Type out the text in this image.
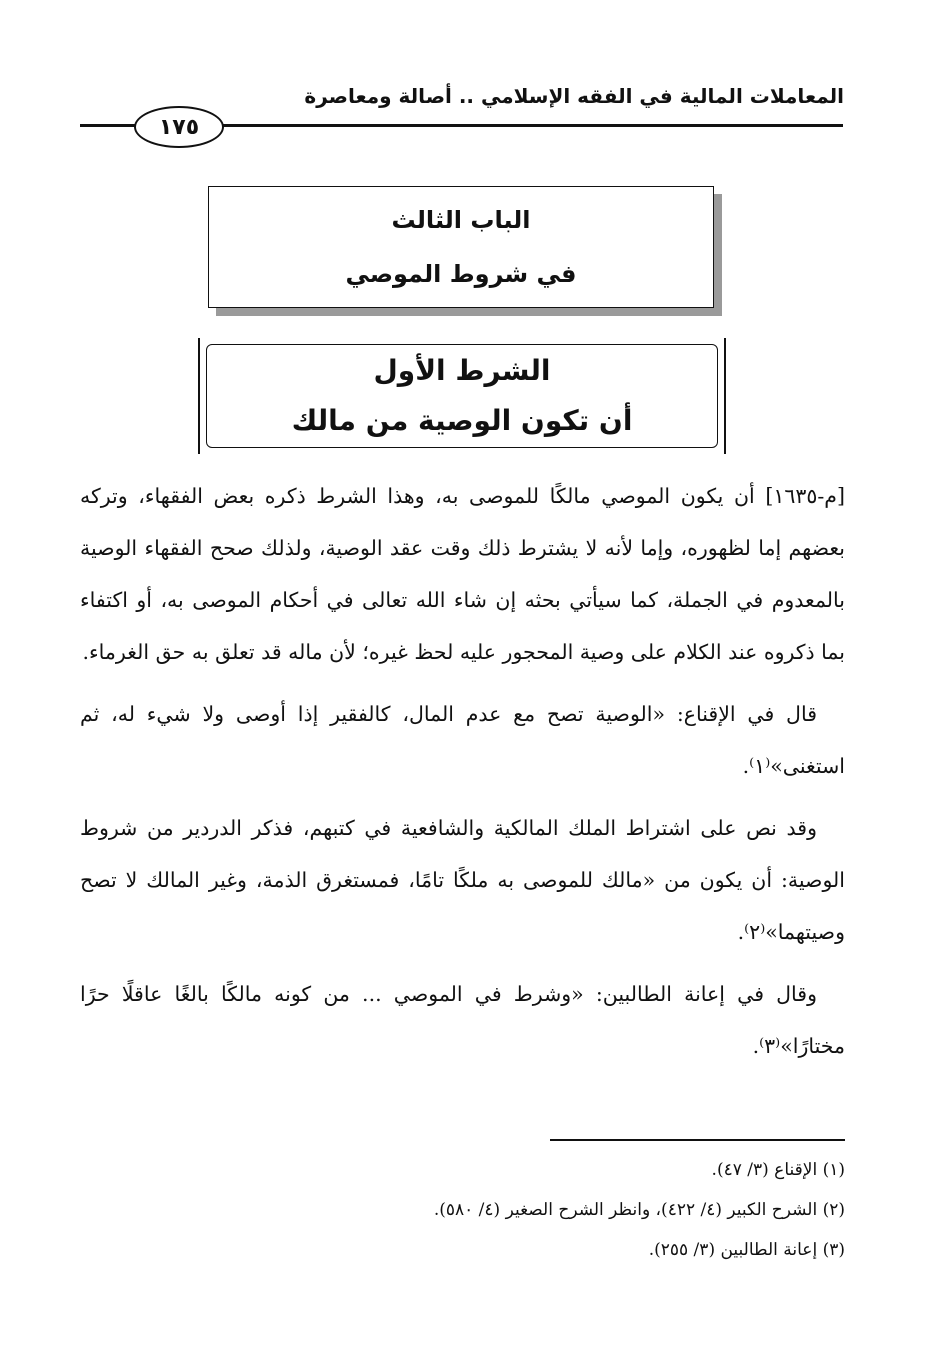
المعاملات المالية في الفقه الإسلامي .. أصالة ومعاصرة
١٧٥
الباب الثالث
في شروط الموصي
الشرط الأول
أن تكون الوصية من مالك

[م-١٦٣٥] أن يكون الموصي مالكًا للموصى به، وهذا الشرط ذكره بعض الفقهاء، وتركه بعضهم إما لظهوره، وإما لأنه لا يشترط ذلك وقت عقد الوصية، ولذلك صحح الفقهاء الوصية بالمعدوم في الجملة، كما سيأتي بحثه إن شاء الله تعالى في أحكام الموصى به، أو اكتفاء بما ذكروه عند الكلام على وصية المحجور عليه لحظ غيره؛ لأن ماله قد تعلق به حق الغرماء.

قال في الإقناع: «الوصية تصح مع عدم المال، كالفقير إذا أوصى ولا شيء له، ثم استغنى»⁽١⁾.

وقد نص على اشتراط الملك المالكية والشافعية في كتبهم، فذكر الدردير من شروط الوصية: أن يكون من «مالك للموصى به ملكًا تامًا، فمستغرق الذمة، وغير المالك لا تصح وصيتهما»⁽٢⁾.

وقال في إعانة الطالبين: «وشرط في الموصي ... من كونه مالكًا بالغًا عاقلًا حرًا مختارًا»⁽٣⁾.

(١) الإقناع (٣/ ٤٧).
(٢) الشرح الكبير (٤/ ٤٢٢)، وانظر الشرح الصغير (٤/ ٥٨٠).
(٣) إعانة الطالبين (٣/ ٢٥٥).
